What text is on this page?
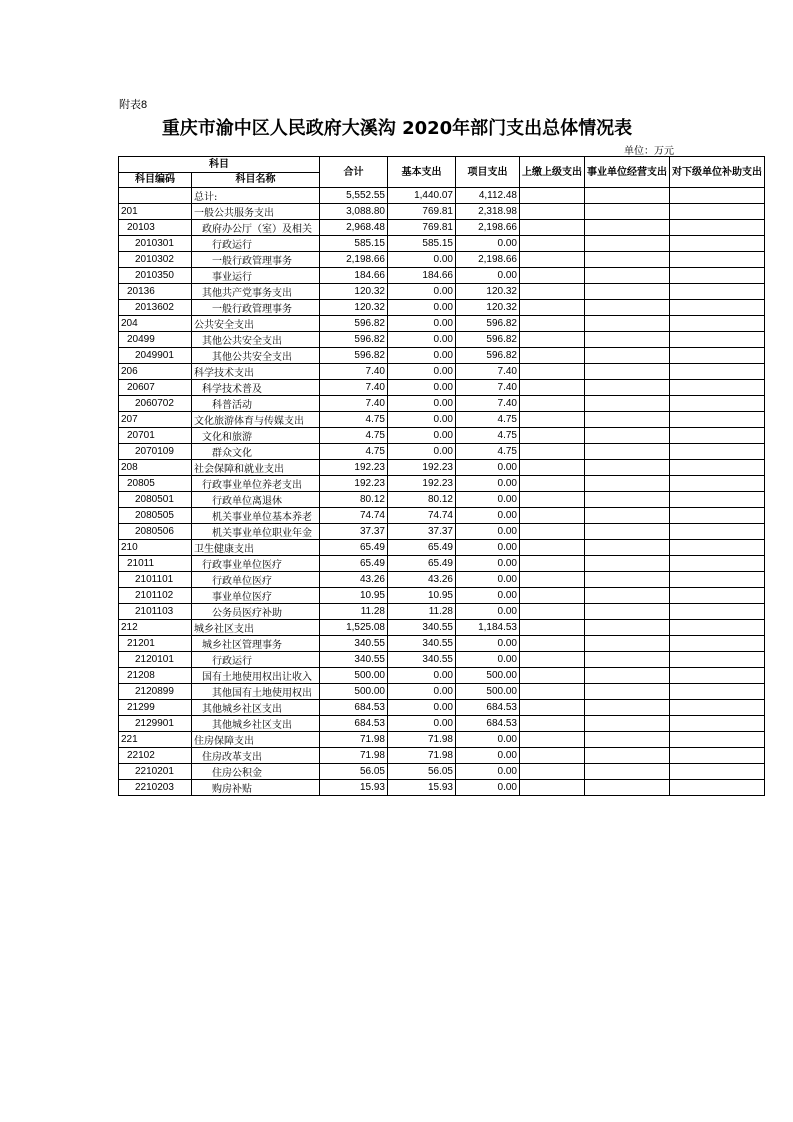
附表8
重庆市渝中区人民政府大溪沟 2020年部门支出总体情况表
单位：万元
科目		合计	基本支出	项目支出	上缴上级支出	事业单位经营支出	对下级单位补助支出
科目编码	科目名称						
	总计:	5,552.55	1,440.07	4,112.48			
201	一般公共服务支出	3,088.80	769.81	2,318.98			
20103	政府办公厅（室）及相关	2,968.48	769.81	2,198.66			
2010301	行政运行	585.15	585.15	0.00			
2010302	一般行政管理事务	2,198.66	0.00	2,198.66			
2010350	事业运行	184.66	184.66	0.00			
20136	其他共产党事务支出	120.32	0.00	120.32			
2013602	一般行政管理事务	120.32	0.00	120.32			
204	公共安全支出	596.82	0.00	596.82			
20499	其他公共安全支出	596.82	0.00	596.82			
2049901	其他公共安全支出	596.82	0.00	596.82			
206	科学技术支出	7.40	0.00	7.40			
20607	科学技术普及	7.40	0.00	7.40			
2060702	科普活动	7.40	0.00	7.40			
207	文化旅游体育与传媒支出	4.75	0.00	4.75			
20701	文化和旅游	4.75	0.00	4.75			
2070109	群众文化	4.75	0.00	4.75			
208	社会保障和就业支出	192.23	192.23	0.00			
20805	行政事业单位养老支出	192.23	192.23	0.00			
2080501	行政单位离退休	80.12	80.12	0.00			
2080505	机关事业单位基本养老	74.74	74.74	0.00			
2080506	机关事业单位职业年金	37.37	37.37	0.00			
210	卫生健康支出	65.49	65.49	0.00			
21011	行政事业单位医疗	65.49	65.49	0.00			
2101101	行政单位医疗	43.26	43.26	0.00			
2101102	事业单位医疗	10.95	10.95	0.00			
2101103	公务员医疗补助	11.28	11.28	0.00			
212	城乡社区支出	1,525.08	340.55	1,184.53			
21201	城乡社区管理事务	340.55	340.55	0.00			
2120101	行政运行	340.55	340.55	0.00			
21208	国有土地使用权出让收入	500.00	0.00	500.00			
2120899	其他国有土地使用权出	500.00	0.00	500.00			
21299	其他城乡社区支出	684.53	0.00	684.53			
2129901	其他城乡社区支出	684.53	0.00	684.53			
221	住房保障支出	71.98	71.98	0.00			
22102	住房改革支出	71.98	71.98	0.00			
2210201	住房公积金	56.05	56.05	0.00			
2210203	购房补贴	15.93	15.93	0.00			
